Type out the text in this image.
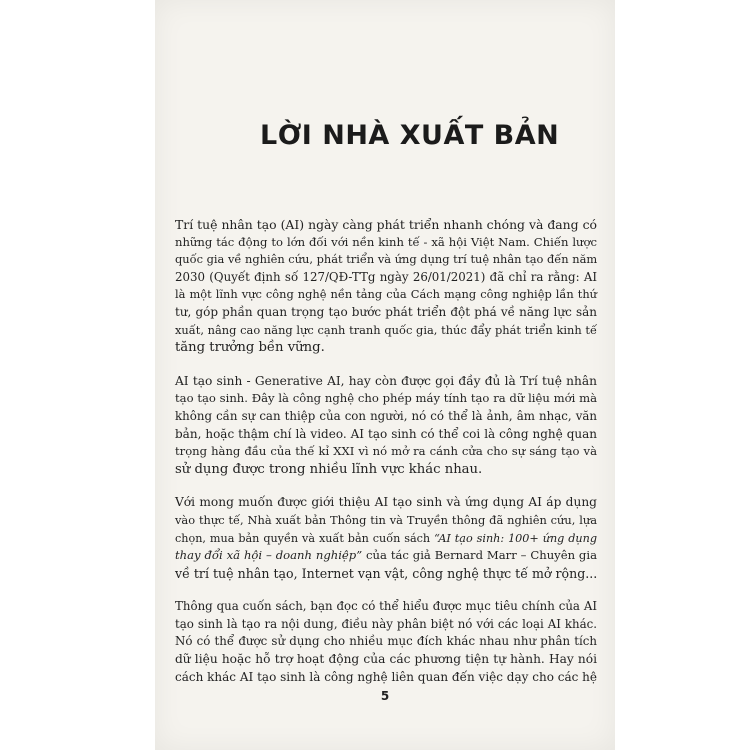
LỜI NHÀ XUẤT BẢN
Trí tuệ nhân tạo (AI) ngày càng phát triển nhanh chóng và đang có
những tác động to lớn đối với nền kinh tế - xã hội Việt Nam. Chiến lược
quốc gia về nghiên cứu, phát triển và ứng dụng trí tuệ nhân tạo đến năm
2030 (Quyết định số 127/QĐ-TTg ngày 26/01/2021) đã chỉ ra rằng: AI
là một lĩnh vực công nghệ nền tảng của Cách mạng công nghiệp lần thứ
tư, góp phần quan trọng tạo bước phát triển đột phá về năng lực sản
xuất, nâng cao năng lực cạnh tranh quốc gia, thúc đẩy phát triển kinh tế
tăng trưởng bền vững.
AI tạo sinh - Generative AI, hay còn được gọi đầy đủ là Trí tuệ nhân
tạo tạo sinh. Đây là công nghệ cho phép máy tính tạo ra dữ liệu mới mà
không cần sự can thiệp của con người, nó có thể là ảnh, âm nhạc, văn
bản, hoặc thậm chí là video. AI tạo sinh có thể coi là công nghệ quan
trọng hàng đầu của thế kỉ XXI vì nó mở ra cánh cửa cho sự sáng tạo và
sử dụng được trong nhiều lĩnh vực khác nhau.
Với mong muốn được giới thiệu AI tạo sinh và ứng dụng AI áp dụng
vào thực tế, Nhà xuất bản Thông tin và Truyền thông đã nghiên cứu, lựa
chọn, mua bản quyền và xuất bản cuốn sách “AI tạo sinh: 100+ ứng dụng
thay đổi xã hội – doanh nghiệp” của tác giả Bernard Marr – Chuyên gia
về trí tuệ nhân tạo, Internet vạn vật, công nghệ thực tế mở rộng...
Thông qua cuốn sách, bạn đọc có thể hiểu được mục tiêu chính của AI
tạo sinh là tạo ra nội dung, điều này phân biệt nó với các loại AI khác.
Nó có thể được sử dụng cho nhiều mục đích khác nhau như phân tích
dữ liệu hoặc hỗ trợ hoạt động của các phương tiện tự hành. Hay nói
cách khác AI tạo sinh là công nghệ liên quan đến việc dạy cho các hệ
5
